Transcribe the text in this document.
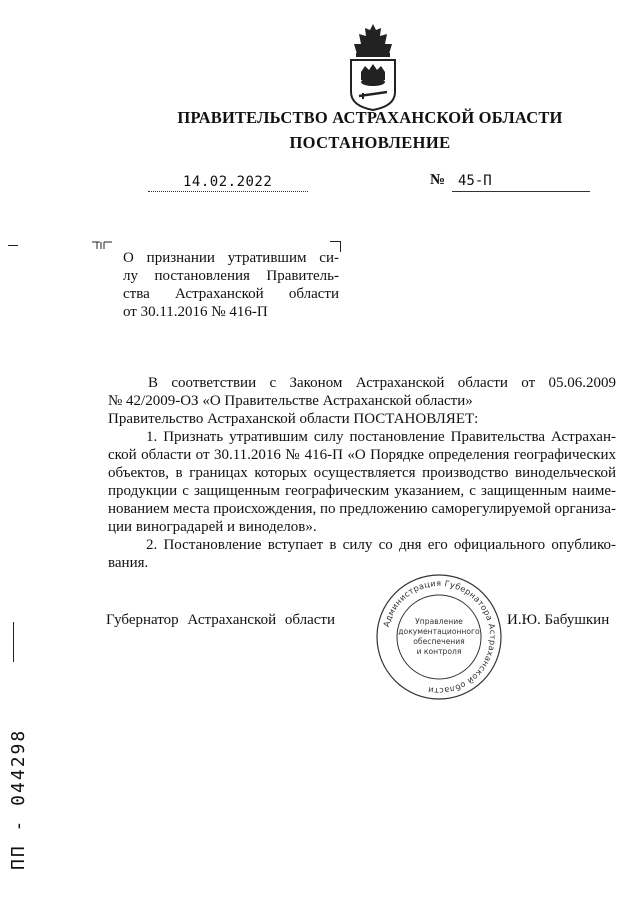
ПРАВИТЕЛЬСТВО АСТРАХАНСКОЙ ОБЛАСТИ
ПОСТАНОВЛЕНИЕ
14.02.2022	№ 45-П
О признании утратившим си-
лу постановления Правитель-
ства Астраханской области
от 30.11.2016 № 416-П
В соответствии с Законом Астраханской области от 05.06.2009
№ 42/2009-ОЗ «О Правительстве Астраханской области»
Правительство Астраханской области ПОСТАНОВЛЯЕТ:
1. Признать утратившим силу постановление Правительства Астрахан-
ской области от 30.11.2016 № 416-П «О Порядке определения географических
объектов, в границах которых осуществляется производство винодельческой
продукции с защищенным географическим указанием, с защищенным наиме-
нованием места происхождения, по предложению саморегулируемой организа-
ции виноградарей и виноделов».
2. Постановление вступает в силу со дня его официального опублико-
вания.
Губернатор Астраханской области	Администрация Губернатора Астраханской области
Управление
документационного
обеспечения
и контроля
И.Ю. Бабушкин
ПП - 044298
